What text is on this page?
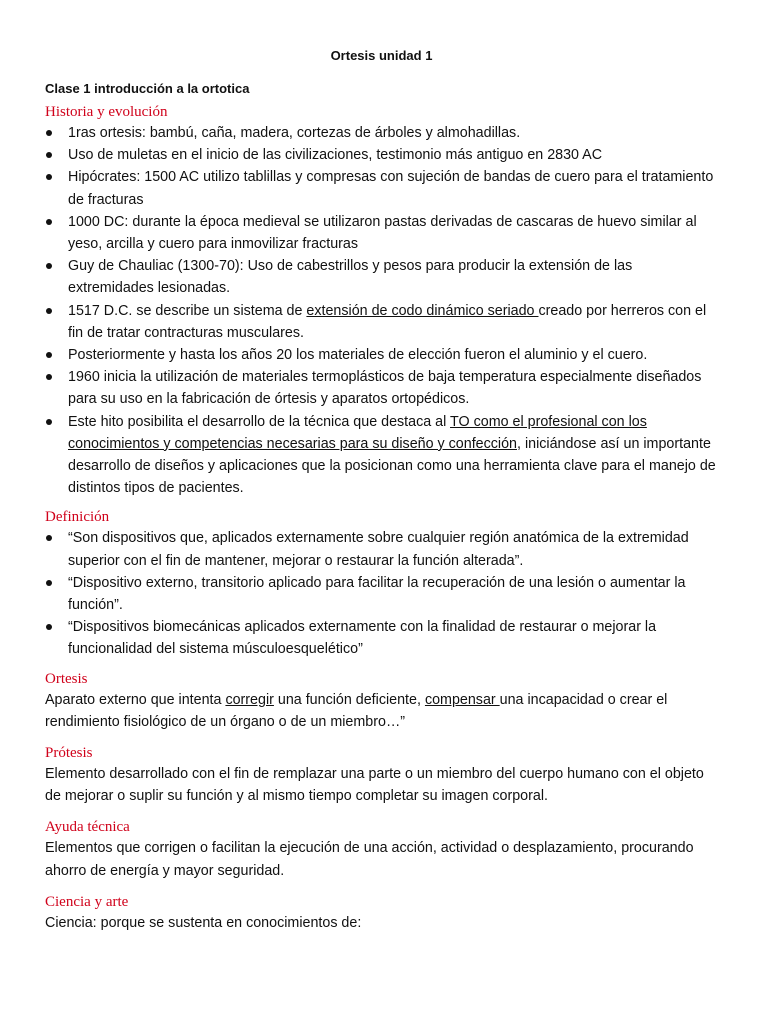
Ortesis unidad 1
Clase 1 introducción a la ortotica
Historia y evolución
1ras ortesis: bambú, caña, madera, cortezas de árboles y almohadillas.
Uso de muletas en el inicio de las civilizaciones, testimonio más antiguo en 2830 AC
Hipócrates: 1500 AC utilizo tablillas y compresas con sujeción de bandas de cuero para el tratamiento de fracturas
1000 DC: durante la época medieval se utilizaron pastas derivadas de cascaras de huevo similar al yeso, arcilla y cuero para inmovilizar fracturas
Guy de Chauliac (1300-70): Uso de cabestrillos y pesos para producir la extensión de las extremidades lesionadas.
1517 D.C. se describe un sistema de extensión de codo dinámico seriado creado por herreros con el fin de tratar contracturas musculares.
Posteriormente y hasta los años 20 los materiales de elección fueron el aluminio y el cuero.
1960 inicia la utilización de materiales termoplásticos de baja temperatura especialmente diseñados para su uso en la fabricación de órtesis y aparatos ortopédicos.
Este hito posibilita el desarrollo de la técnica que destaca al TO como el profesional con los conocimientos y competencias necesarias para su diseño y confección, iniciándose así un importante desarrollo de diseños y aplicaciones que la posicionan como una herramienta clave para el manejo de distintos tipos de pacientes.
Definición
“Son dispositivos que, aplicados externamente sobre cualquier región anatómica de la extremidad superior con el fin de mantener, mejorar o restaurar la función alterada”.
“Dispositivo externo, transitorio aplicado para facilitar la recuperación de una lesión o aumentar la función”.
“Dispositivos biomecánicas aplicados externamente con la finalidad de restaurar o mejorar la funcionalidad del sistema músculoesquelético”
Ortesis
Aparato externo que intenta corregir una función deficiente, compensar una incapacidad o crear el rendimiento fisiológico de un órgano o de un miembro…”
Prótesis
Elemento desarrollado con el fin de remplazar una parte o un miembro del cuerpo humano con el objeto de mejorar o suplir su función y al mismo tiempo completar su imagen corporal.
Ayuda técnica
Elementos que corrigen o facilitan la ejecución de una acción, actividad o desplazamiento, procurando ahorro de energía y mayor seguridad.
Ciencia y arte
Ciencia: porque se sustenta en conocimientos de:
